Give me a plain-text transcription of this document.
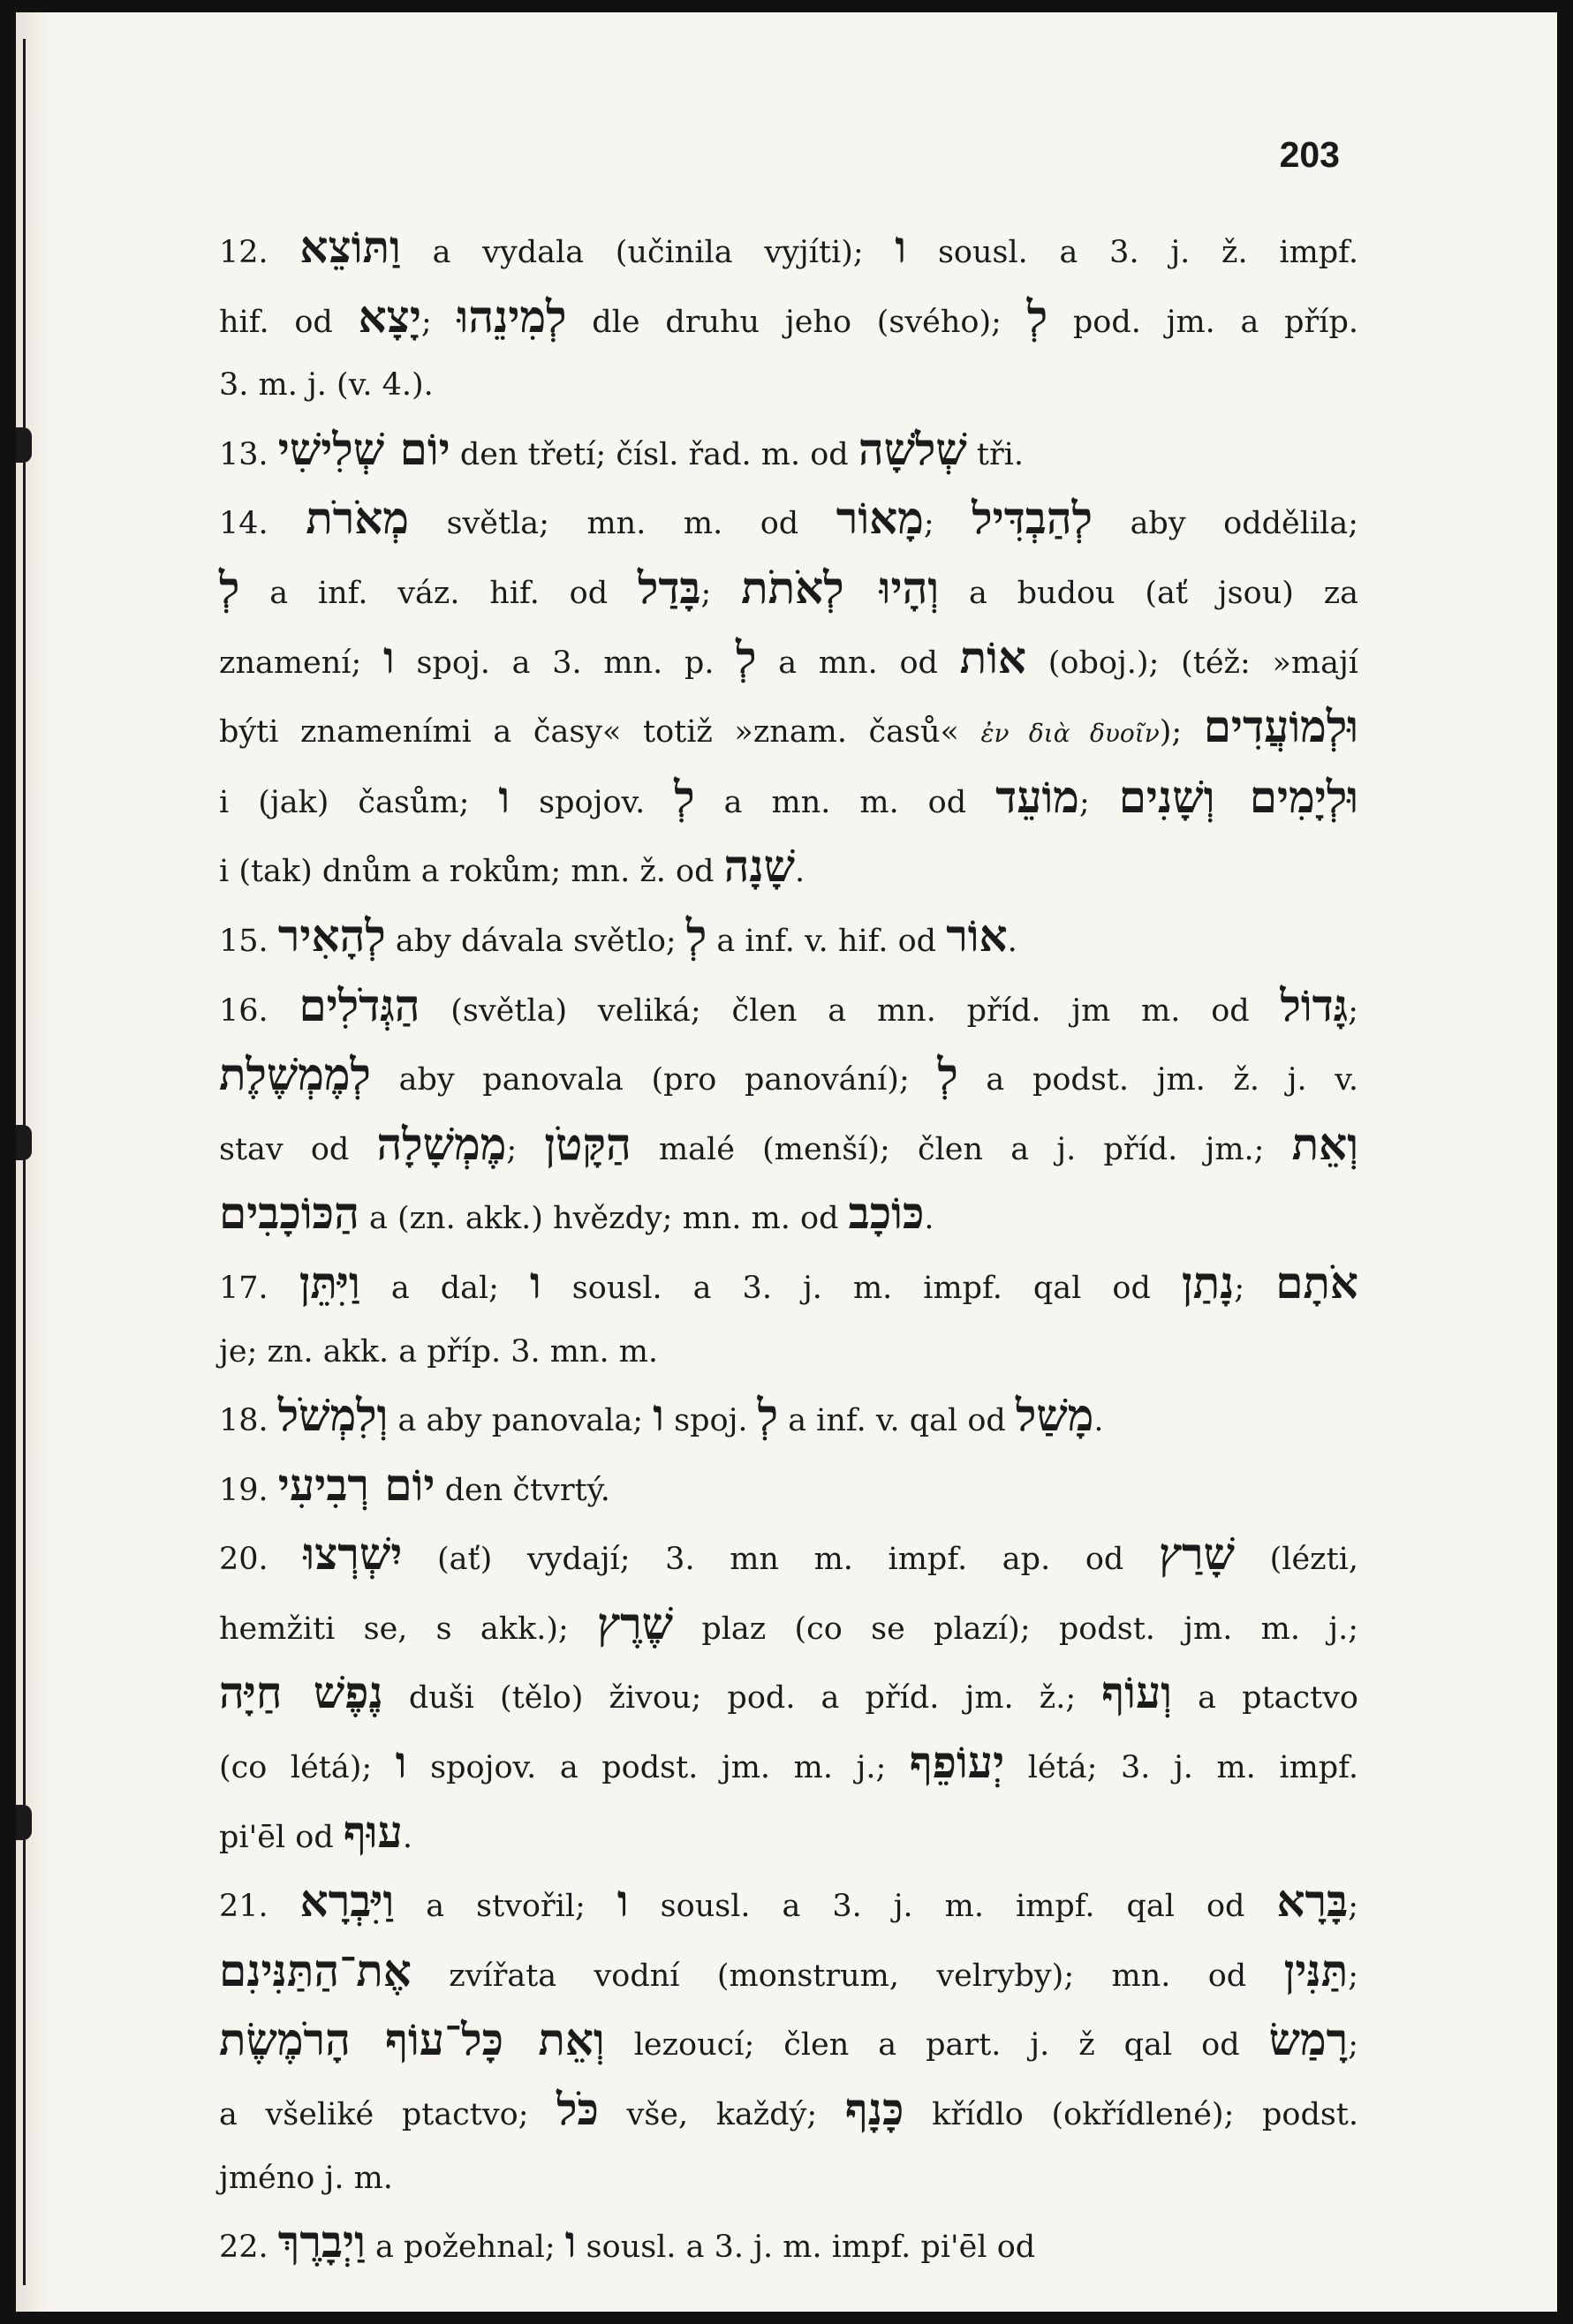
203
12. וַתּוֹצֵא a vydala (učinila vyjíti); ו sousl. a 3. j. ž. impf.
hif. od יָצָא; לְמִינֵהוּ dle druhu jeho (svého); לְ pod. jm. a příp.
3. m. j. (v. 4.).
13. יוֹם שְׁלִישִׁי den třetí; čísl. řad. m. od שְׁלֹשָׁה tři.
14. מְאֹרֹת světla; mn. m. od מָאוֹר; לְהַבְדִּיל aby oddělila;
לְ a inf. váz. hif. od בָּדַל; וְהָיוּ לְאֹתֹת a budou (ať jsou) za
znamení; ו spoj. a 3. mn. p. לְ a mn. od אוֹת (oboj.); (též: »mají
býti znameními a časy« totiž »znam. časů« ἐν διὰ δυοῖν); וּלְמוֹעֲדִים
i (jak) časům; ו spojov. לְ a mn. m. od מוֹעֵד; וּלְיָמִים וְשָׁנִים
i (tak) dnům a rokům; mn. ž. od שָׁנָה.
15. לְהָאִיר aby dávala světlo; לְ a inf. v. hif. od אוֹר.
16. הַגְּדֹלִים (světla) veliká; člen a mn. příd. jm m. od גָּדוֹל;
לְמֶמְשֶׁלֶת aby panovala (pro panování); לְ a podst. jm. ž. j. v.
stav od מֶמְשָׁלָה; הַקָּטֹן malé (menší); člen a j. příd. jm.; וְאֵת
הַכּוֹכָבִים a (zn. akk.) hvězdy; mn. m. od כּוֹכָב.
17. וַיִּתֵּן a dal; ו sousl. a 3. j. m. impf. qal od נָתַן; אֹתָם
je; zn. akk. a příp. 3. mn. m.
18. וְלִמְשֹׁל a aby panovala; ו spoj. לְ a inf. v. qal od מָשַׁל.
19. יוֹם רְבִיעִי den čtvrtý.
20. יִשְׁרְצוּ (ať) vydají; 3. mn m. impf. ap. od שָׁרַץ (lézti,
hemžiti se, s akk.); שֶׁרֶץ plaz (co se plazí); podst. jm. m. j.;
נֶפֶשׁ חַיָּה duši (tělo) živou; pod. a příd. jm. ž.; וְעוֹף a ptactvo
(co létá); ו spojov. a podst. jm. m. j.; יְעוֹפֵף létá; 3. j. m. impf.
pi'ēl od עוּף.
21. וַיִּבְרָא a stvořil; ו sousl. a 3. j. m. impf. qal od בָּרָא;
אֶת־הַתַּנִּינִם zvířata vodní (monstrum, velryby); mn. od תַּנִּין;
וְאֵת כָּל־עוֹף הָרֹמֶשֶׂת lezoucí; člen a part. j. ž qal od רָמַשׂ;
a všeliké ptactvo; כֹּל vše, každý; כָּנָף křídlo (okřídlené); podst.
jméno j. m.
22. וַיְבָרֶךְ a požehnal; ו sousl. a 3. j. m. impf. pi'ēl od
